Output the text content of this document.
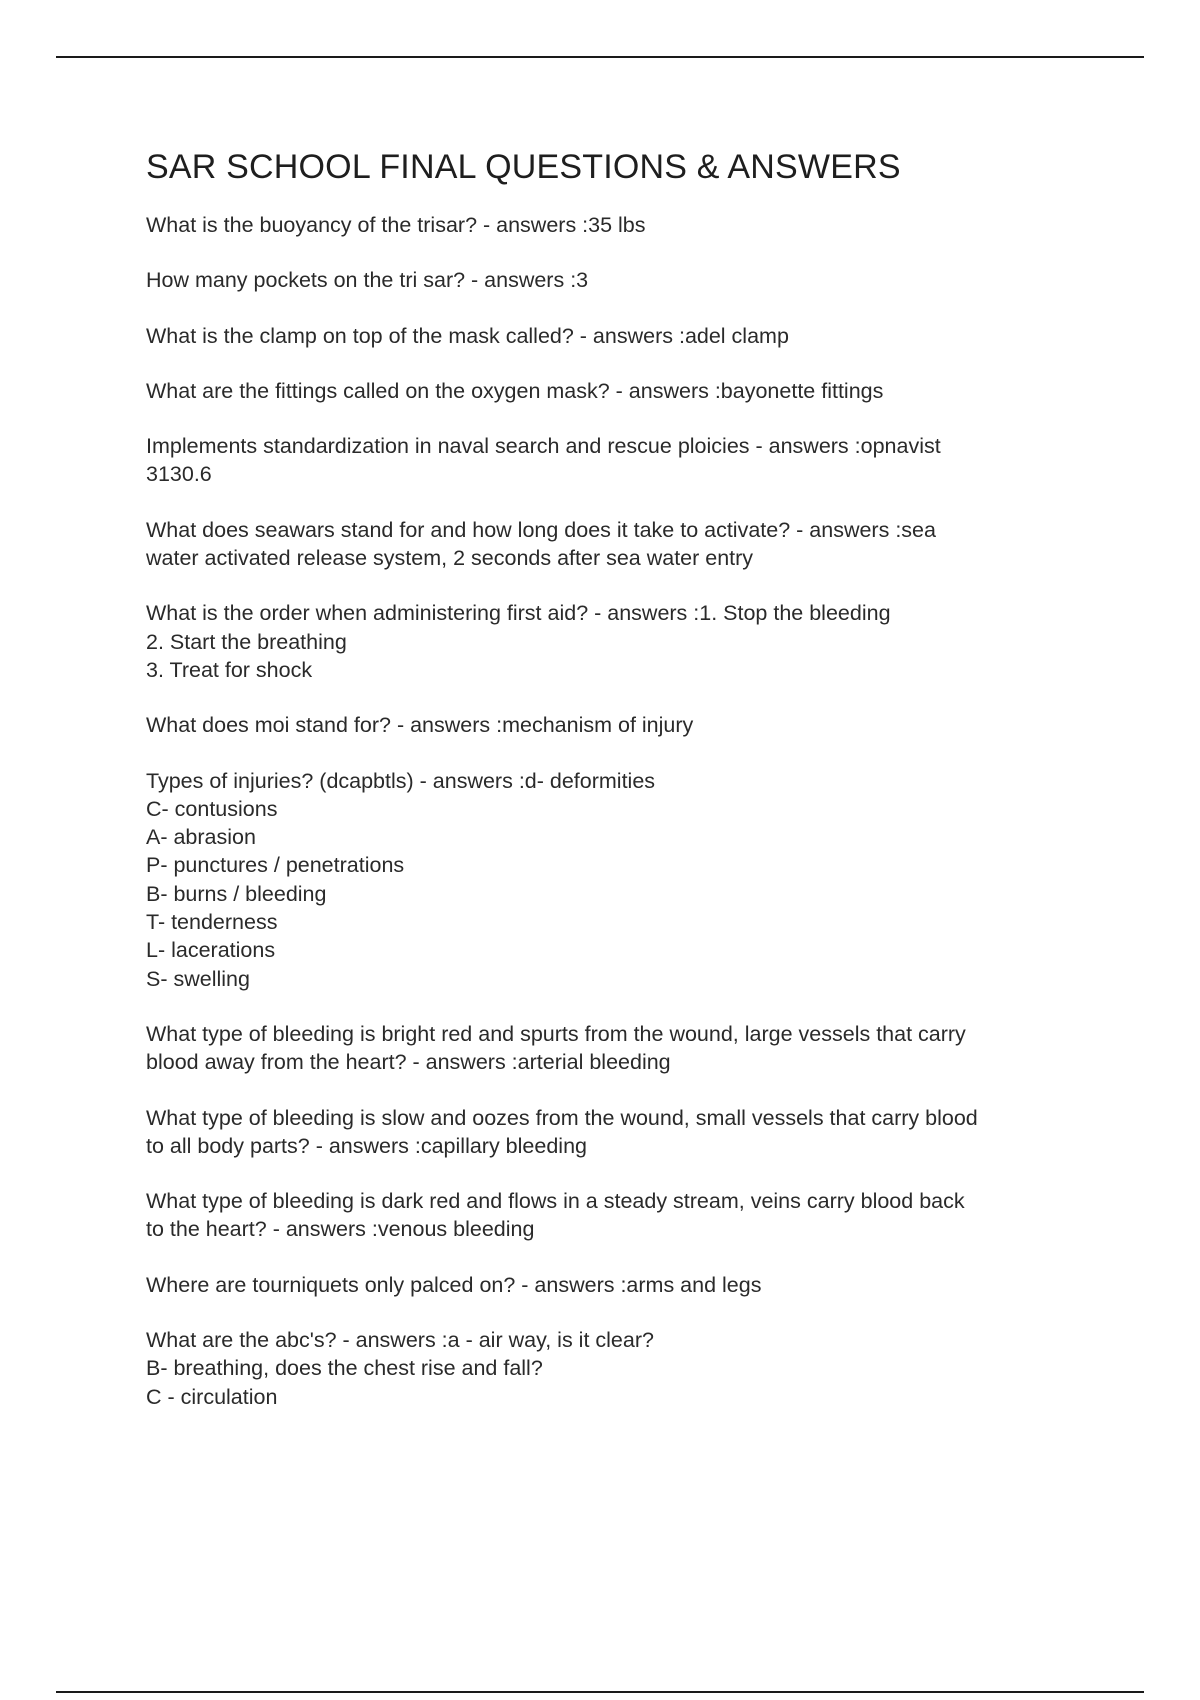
SAR SCHOOL FINAL QUESTIONS & ANSWERS

What is the buoyancy of the trisar? - answers :35 lbs

How many pockets on the tri sar? - answers :3

What is the clamp on top of the mask called? - answers :adel clamp

What are the fittings called on the oxygen mask? - answers :bayonette fittings

Implements standardization in naval search and rescue ploicies - answers :opnavist
3130.6

What does seawars stand for and how long does it take to activate? - answers :sea
water activated release system, 2 seconds after sea water entry

What is the order when administering first aid? - answers :1. Stop the bleeding
2. Start the breathing
3. Treat for shock

What does moi stand for? - answers :mechanism of injury

Types of injuries? (dcapbtls) - answers :d- deformities
C- contusions
A- abrasion
P- punctures / penetrations
B- burns / bleeding
T- tenderness
L- lacerations
S- swelling

What type of bleeding is bright red and spurts from the wound, large vessels that carry
blood away from the heart? - answers :arterial bleeding

What type of bleeding is slow and oozes from the wound, small vessels that carry blood
to all body parts? - answers :capillary bleeding

What type of bleeding is dark red and flows in a steady stream, veins carry blood back
to the heart? - answers :venous bleeding

Where are tourniquets only palced on? - answers :arms and legs

What are the abc's? - answers :a - air way, is it clear?
B- breathing, does the chest rise and fall?
C - circulation
